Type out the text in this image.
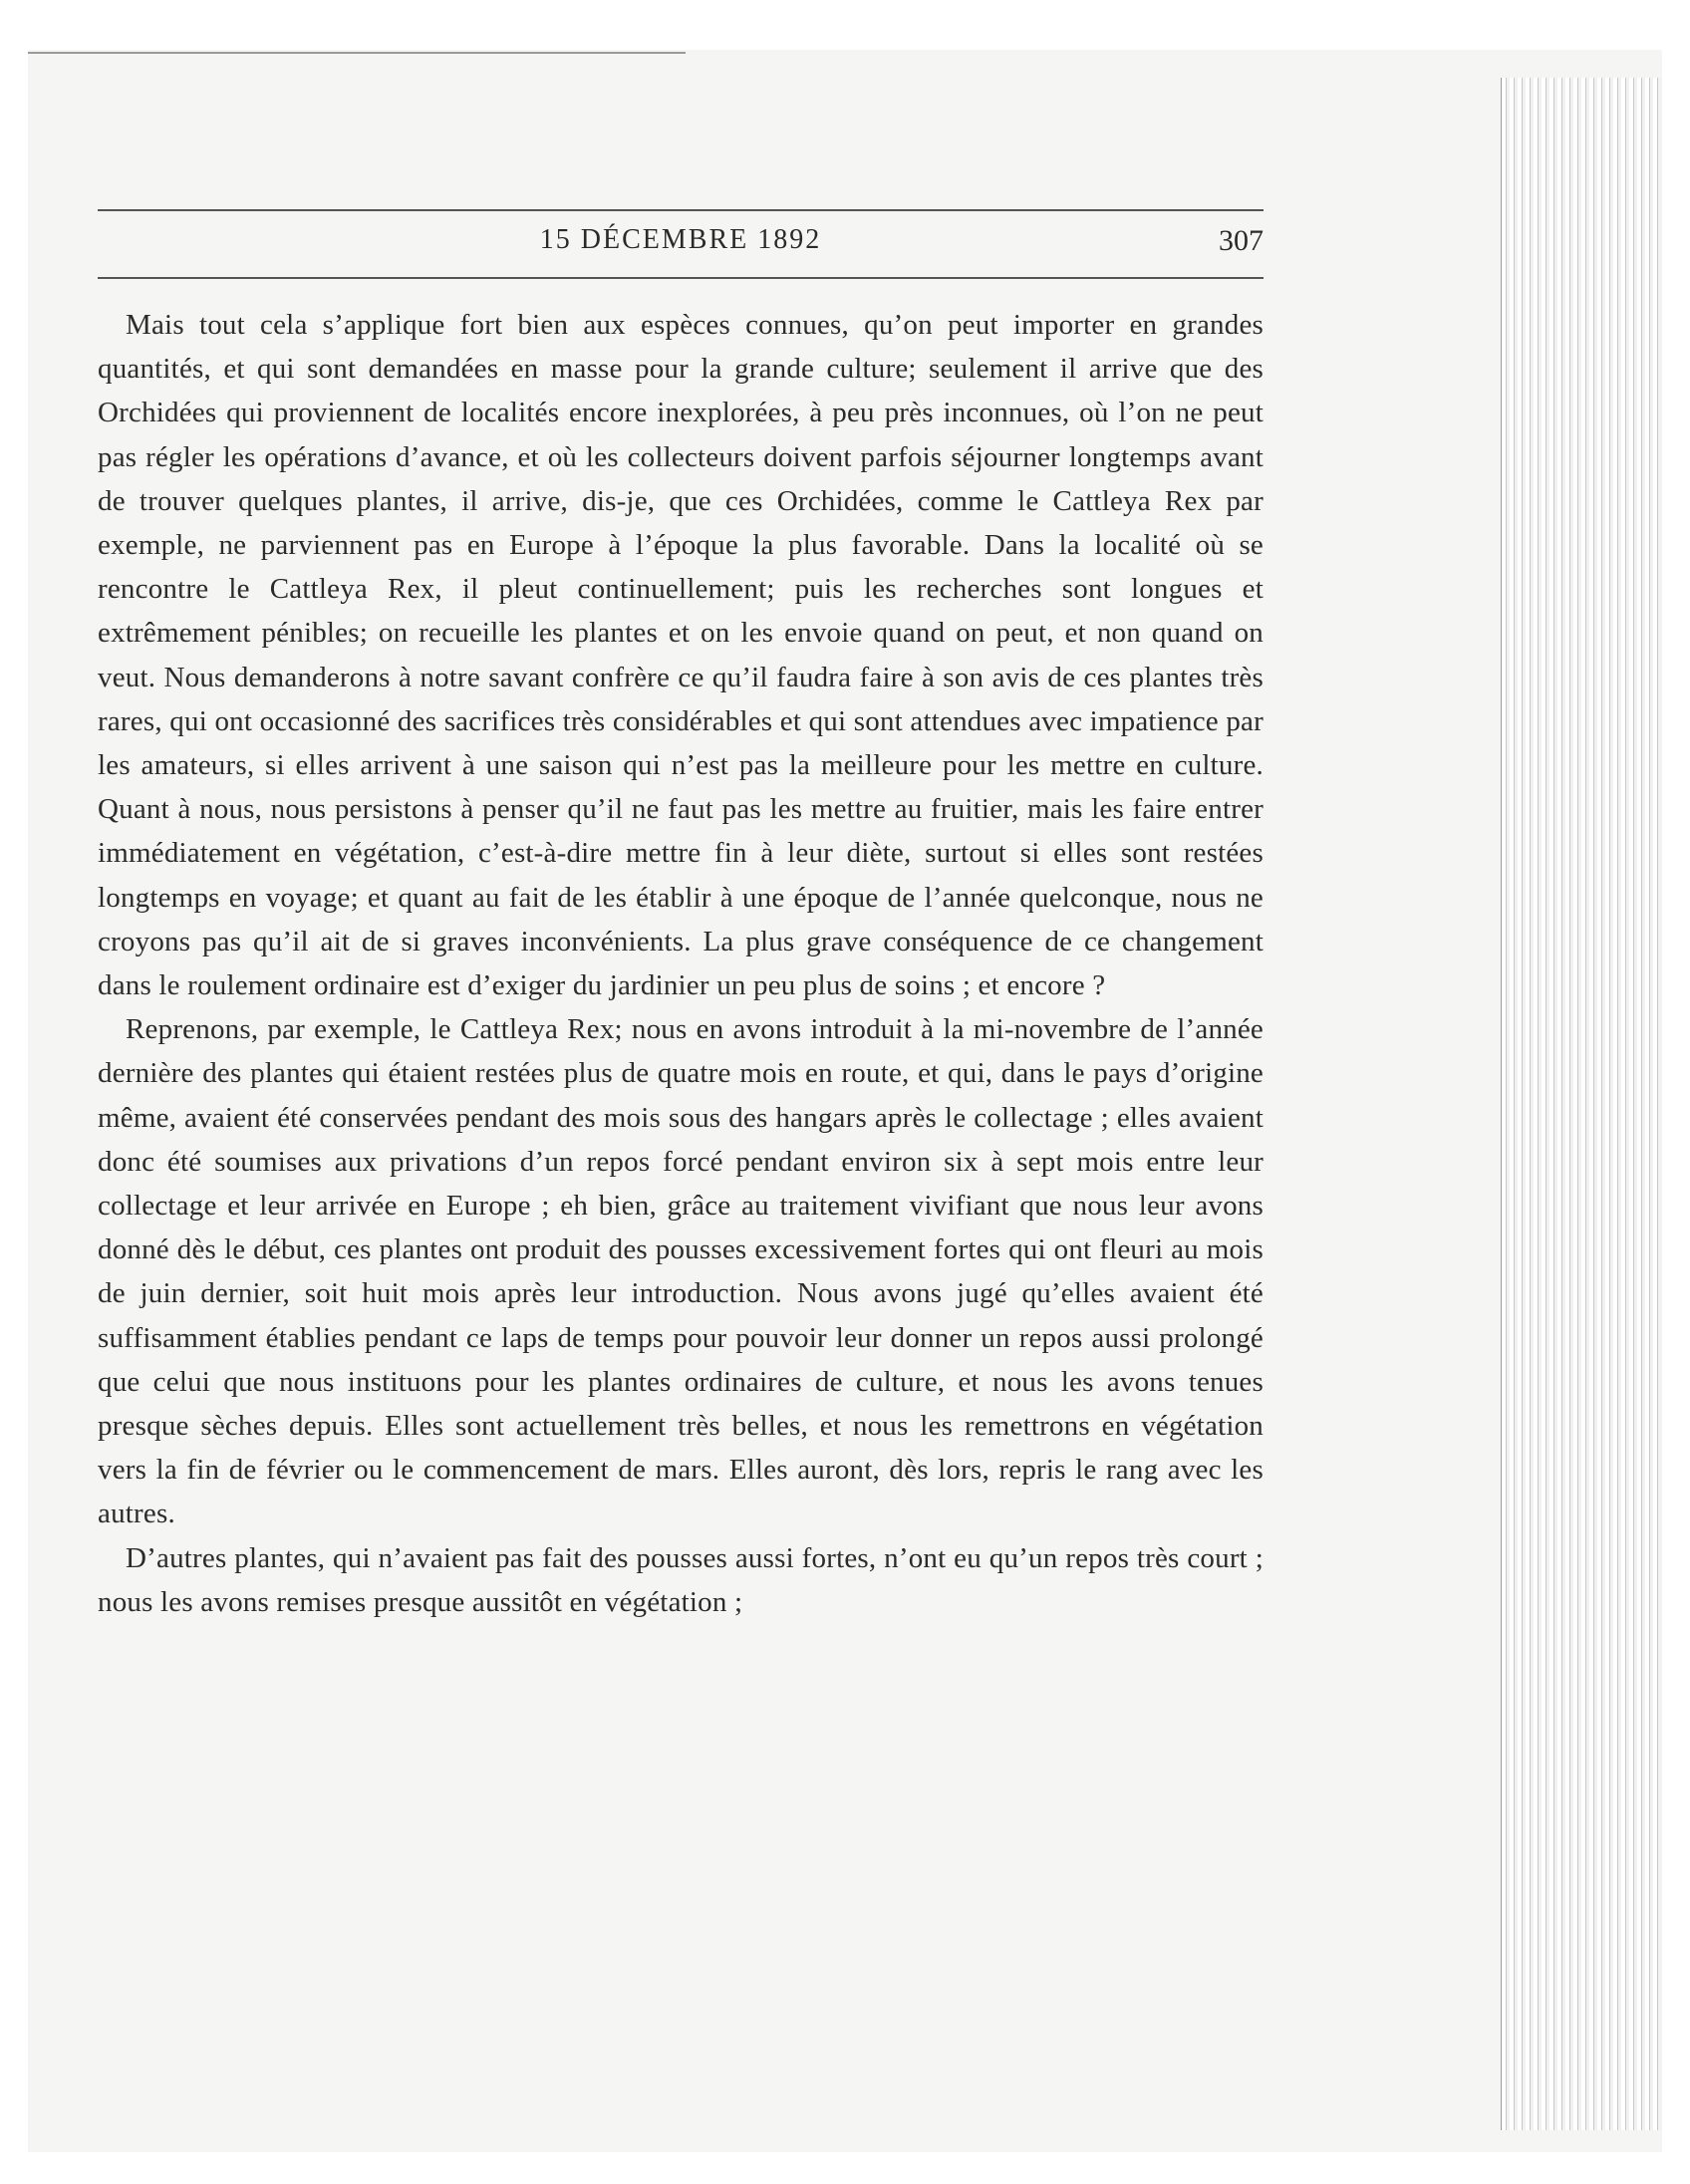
15 DÉCEMBRE 1892	307

Mais tout cela s’applique fort bien aux espèces connues, qu’on peut importer en grandes quantités, et qui sont demandées en masse pour la grande culture; seulement il arrive que des Orchidées qui proviennent de localités encore inexplorées, à peu près inconnues, où l’on ne peut pas régler les opérations d’avance, et où les collecteurs doivent parfois séjourner longtemps avant de trouver quelques plantes, il arrive, dis-je, que ces Orchidées, comme le Cattleya Rex par exemple, ne parviennent pas en Europe à l’époque la plus favorable. Dans la localité où se rencontre le Cattleya Rex, il pleut continuellement; puis les recherches sont longues et extrêmement pénibles; on recueille les plantes et on les envoie quand on peut, et non quand on veut. Nous demanderons à notre savant confrère ce qu’il faudra faire à son avis de ces plantes très rares, qui ont occasionné des sacrifices très considérables et qui sont attendues avec impatience par les amateurs, si elles arrivent à une saison qui n’est pas la meilleure pour les mettre en culture. Quant à nous, nous persistons à penser qu’il ne faut pas les mettre au fruitier, mais les faire entrer immédiatement en végétation, c’est-à-dire mettre fin à leur diète, surtout si elles sont restées longtemps en voyage; et quant au fait de les établir à une époque de l’année quelconque, nous ne croyons pas qu’il ait de si graves inconvénients. La plus grave conséquence de ce changement dans le roulement ordinaire est d’exiger du jardinier un peu plus de soins ; et encore ?

Reprenons, par exemple, le Cattleya Rex; nous en avons introduit à la mi-novembre de l’année dernière des plantes qui étaient restées plus de quatre mois en route, et qui, dans le pays d’origine même, avaient été conservées pendant des mois sous des hangars après le collectage ; elles avaient donc été soumises aux privations d’un repos forcé pendant environ six à sept mois entre leur collectage et leur arrivée en Europe ; eh bien, grâce au traitement vivifiant que nous leur avons donné dès le début, ces plantes ont produit des pousses excessivement fortes qui ont fleuri au mois de juin dernier, soit huit mois après leur introduction. Nous avons jugé qu’elles avaient été suffisamment établies pendant ce laps de temps pour pouvoir leur donner un repos aussi prolongé que celui que nous instituons pour les plantes ordinaires de culture, et nous les avons tenues presque sèches depuis. Elles sont actuellement très belles, et nous les remettrons en végétation vers la fin de février ou le commencement de mars. Elles auront, dès lors, repris le rang avec les autres.

D’autres plantes, qui n’avaient pas fait des pousses aussi fortes, n’ont eu qu’un repos très court ; nous les avons remises presque aussitôt en végétation ;
